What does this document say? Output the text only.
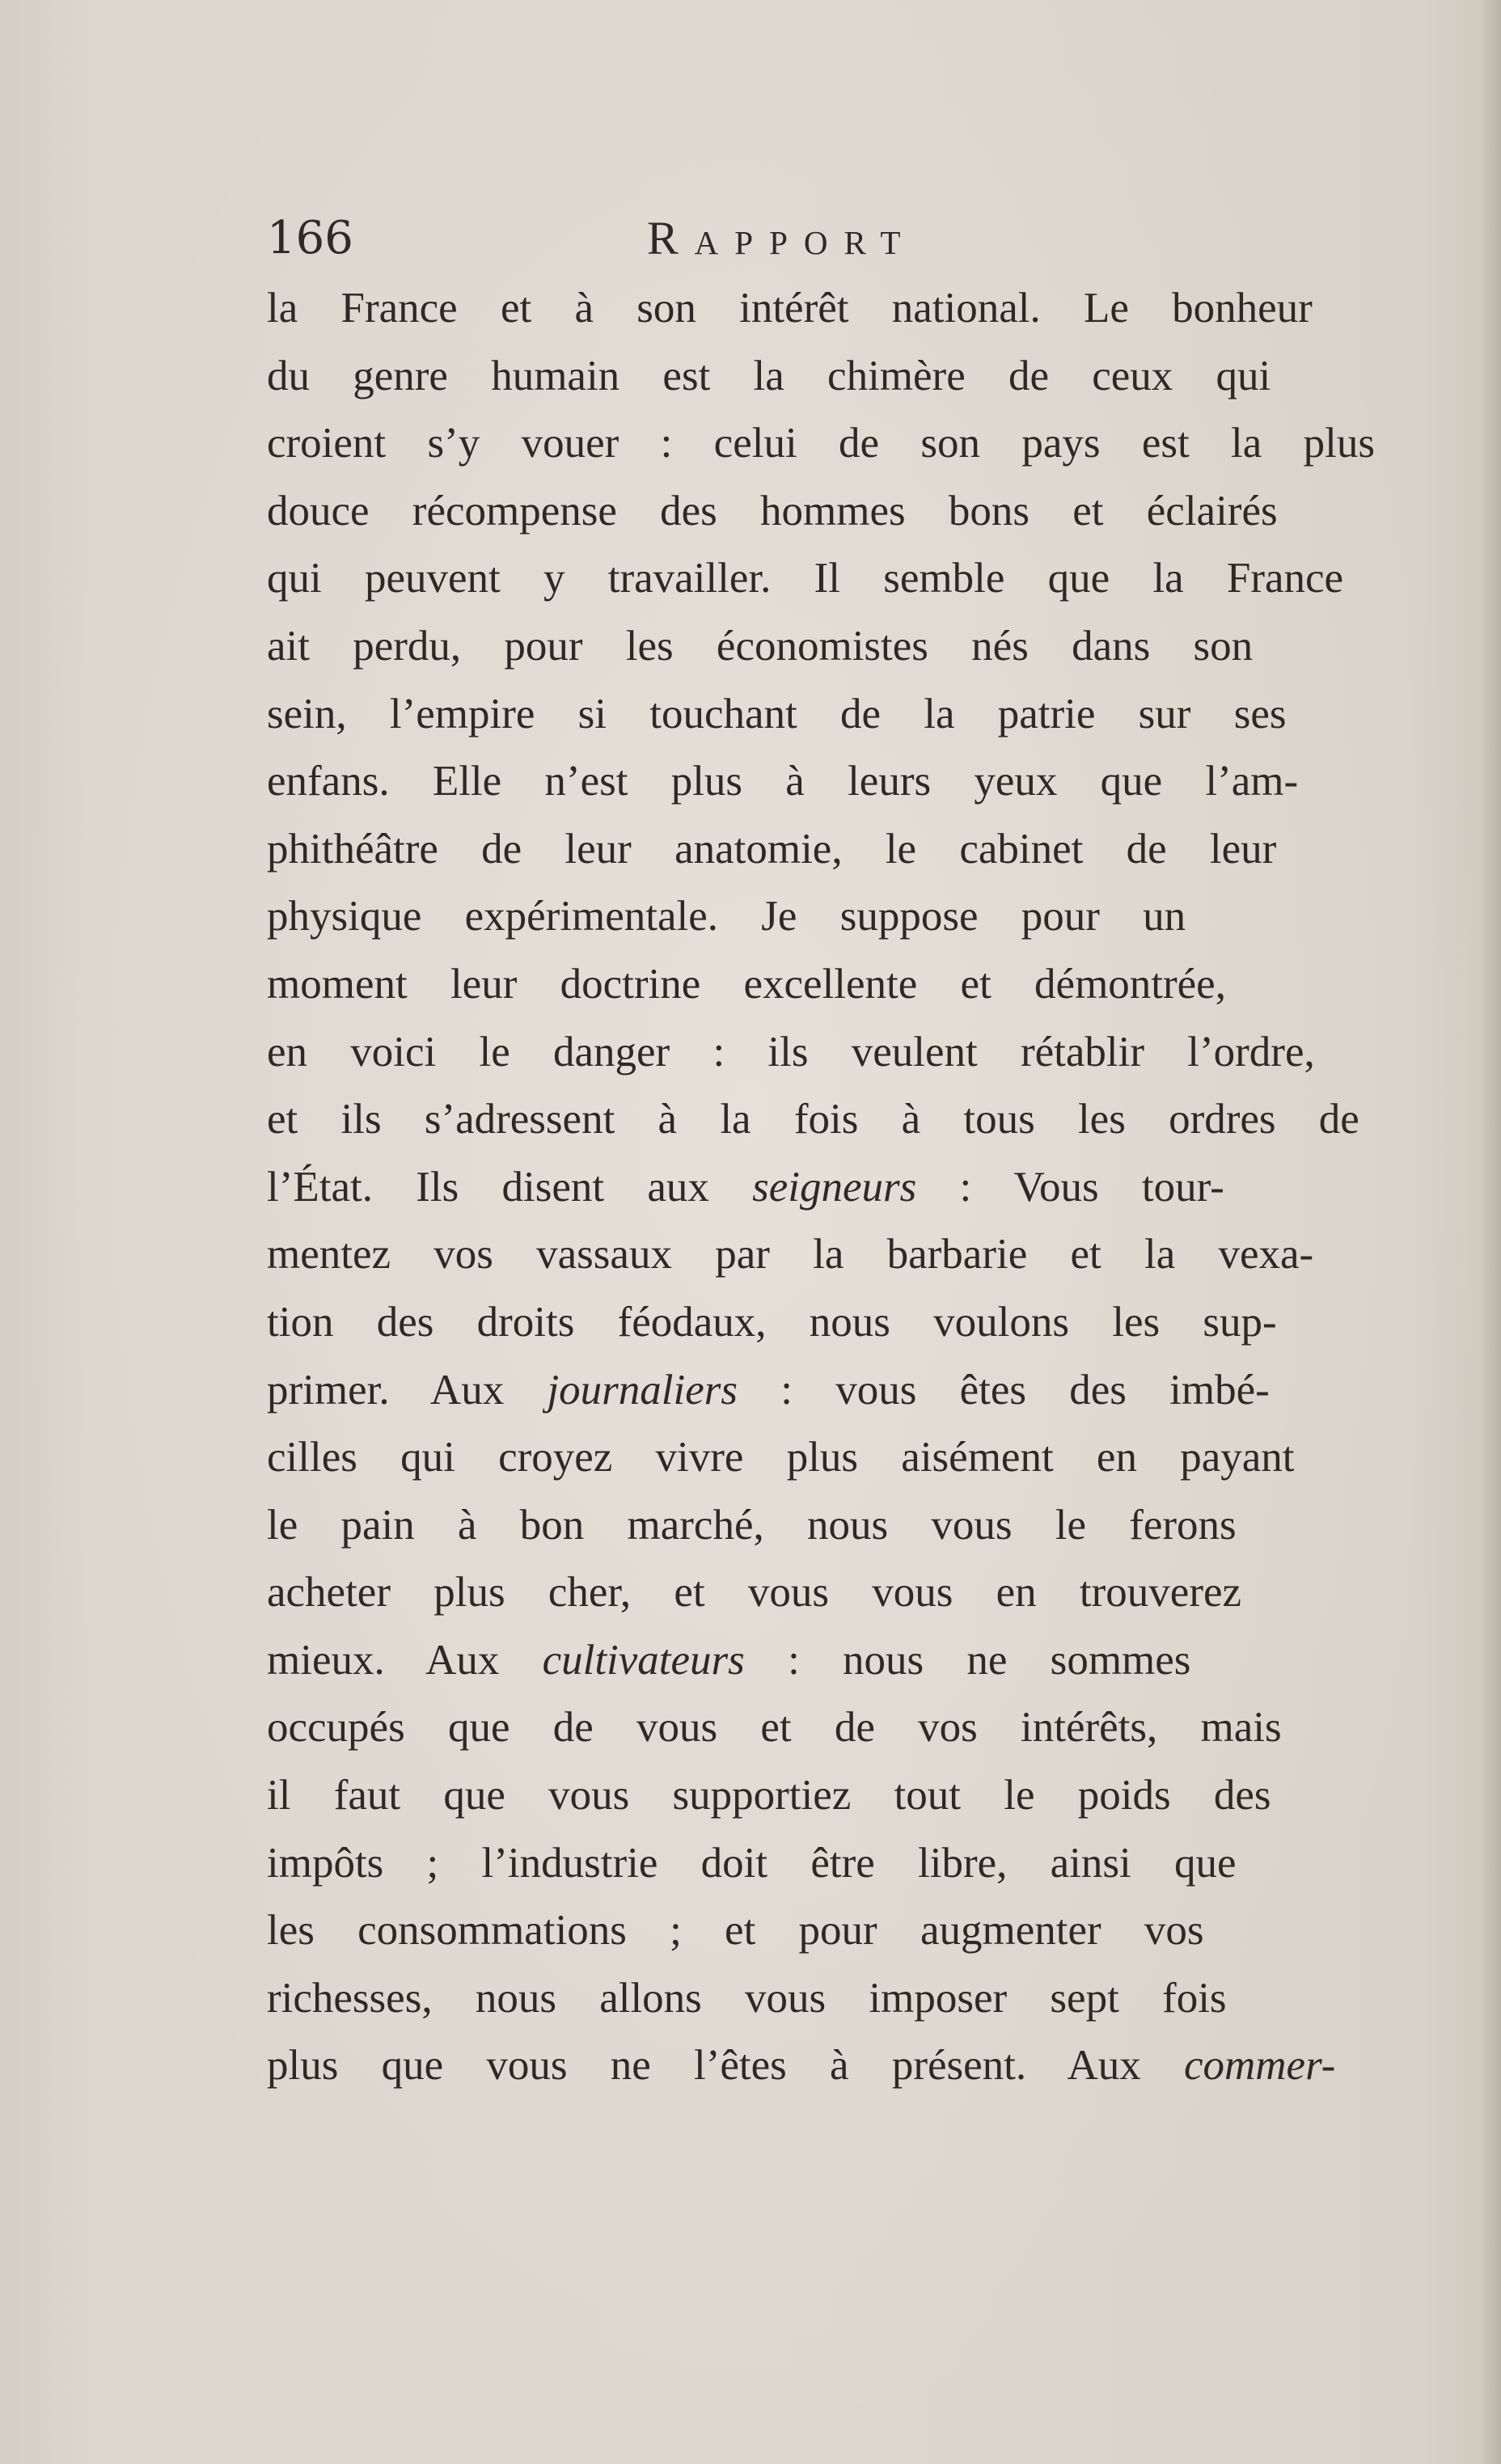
166	Rapport
la France et à son intérêt national. Le bonheur
du genre humain est la chimère de ceux qui
croient s’y vouer : celui de son pays est la plus
douce récompense des hommes bons et éclairés
qui peuvent y travailler. Il semble que la France
ait perdu, pour les économistes nés dans son
sein, l’empire si touchant de la patrie sur ses
enfans. Elle n’est plus à leurs yeux que l’am-
phithéâtre de leur anatomie, le cabinet de leur
physique expérimentale. Je suppose pour un
moment leur doctrine excellente et démontrée,
en voici le danger : ils veulent rétablir l’ordre,
et ils s’adressent à la fois à tous les ordres de
l’État. Ils disent aux seigneurs : Vous tour-
mentez vos vassaux par la barbarie et la vexa-
tion des droits féodaux, nous voulons les sup-
primer. Aux journaliers : vous êtes des imbé-
cilles qui croyez vivre plus aisément en payant
le pain à bon marché, nous vous le ferons
acheter plus cher, et vous vous en trouverez
mieux. Aux cultivateurs : nous ne sommes
occupés que de vous et de vos intérêts, mais
il faut que vous supportiez tout le poids des
impôts ; l’industrie doit être libre, ainsi que
les consommations ; et pour augmenter vos
richesses, nous allons vous imposer sept fois
plus que vous ne l’êtes à présent. Aux commer-
